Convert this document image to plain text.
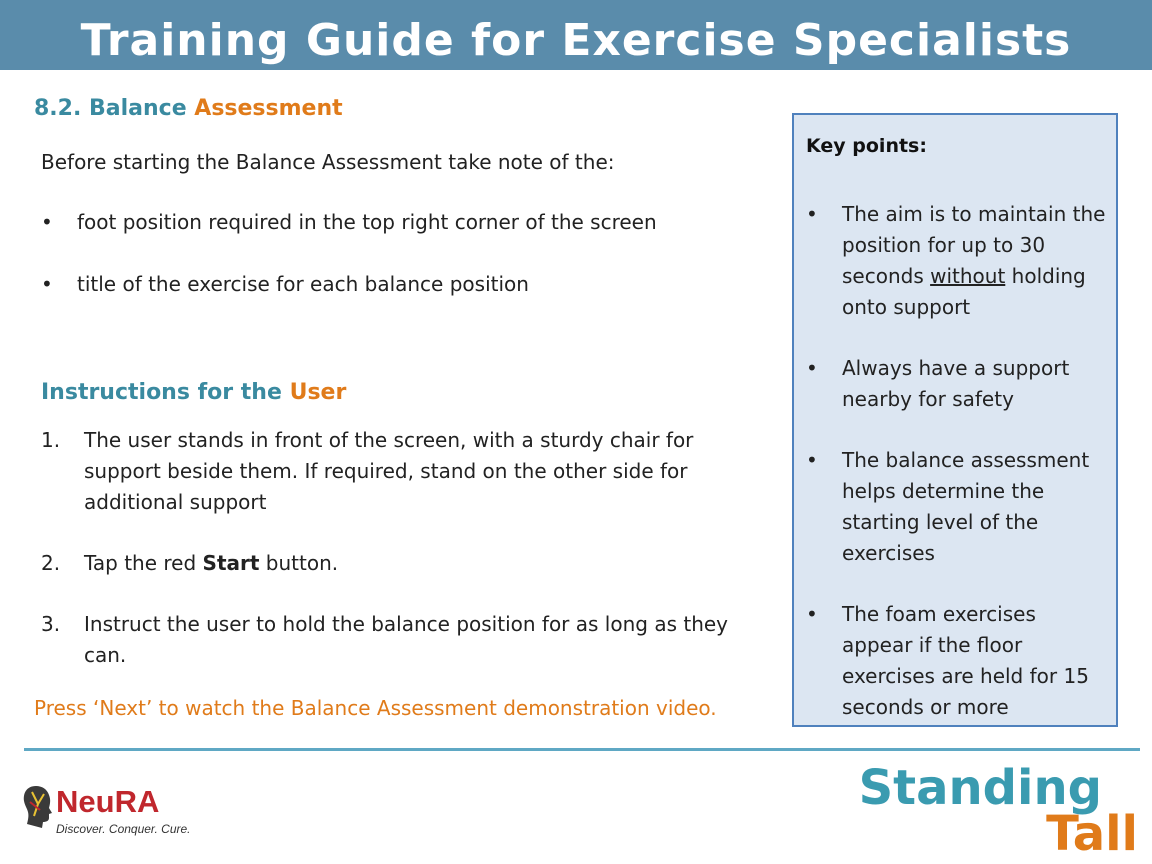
Training Guide for Exercise Specialists
8.2. Balance Assessment
Before starting the Balance Assessment take note of the:
• foot position required in the top right corner of the screen
• title of the exercise for each balance position
Instructions for the User
1. The user stands in front of the screen, with a sturdy chair for support beside them. If required, stand on the other side for additional support
2. Tap the red Start button.
3. Instruct the user to hold the balance position for as long as they can.
Press ‘Next’ to watch the Balance Assessment demonstration video.
Key points:
• The aim is to maintain the position for up to 30 seconds without holding onto support
• Always have a support nearby for safety
• The balance assessment helps determine the starting level of the exercises
• The foam exercises appear if the floor exercises are held for 15 seconds or more
NeuRA
Discover. Conquer. Cure.
Standing
Tall
